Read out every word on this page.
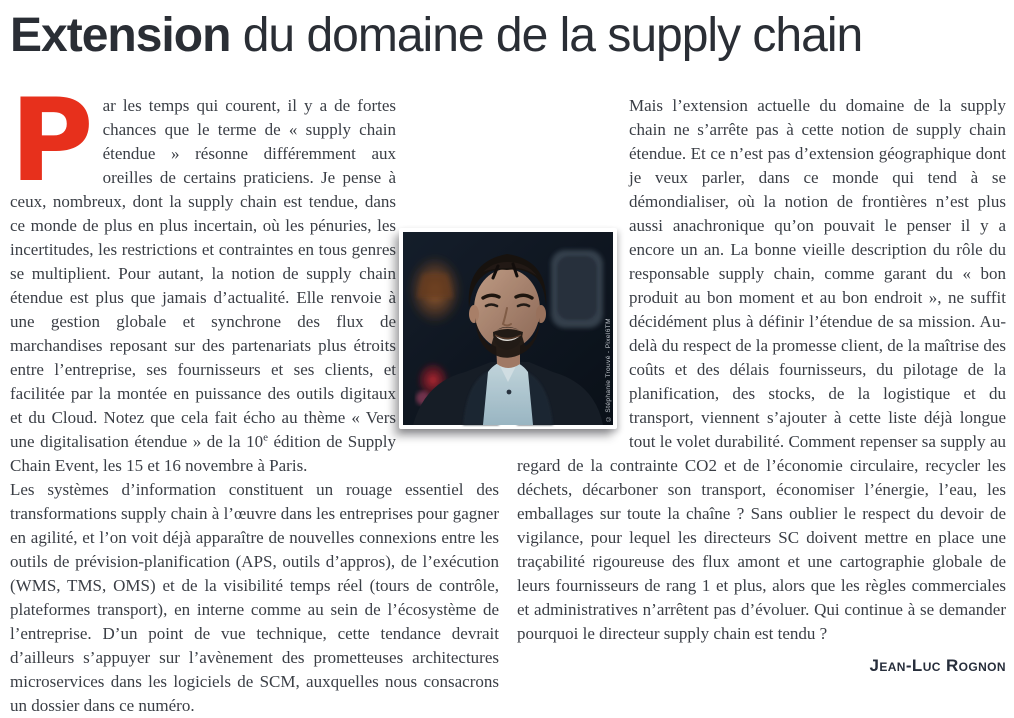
Extension du domaine de la supply chain
P ar les temps qui courent, il y a de fortes chances que le terme de « supply chain étendue » résonne différemment aux oreilles de certains praticiens. Je pense à ceux, nombreux, dont la supply chain est tendue, dans ce monde de plus en plus incertain, où les pénuries, les incertitudes, les restrictions et contraintes en tous genres se multiplient. Pour autant, la notion de supply chain étendue est plus que jamais d’actualité. Elle renvoie à une gestion globale et synchrone des flux de marchandises reposant sur des partenariats plus étroits entre l’entreprise, ses fournisseurs et ses clients, et facilitée par la montée en puissance des outils digitaux et du Cloud. Notez que cela fait écho au thème « Vers une digitalisation étendue » de la 10e édition de Supply Chain Event, les 15 et 16 novembre à Paris.

Les systèmes d’information constituent un rouage essentiel des transformations supply chain à l’œuvre dans les entreprises pour gagner en agilité, et l’on voit déjà apparaître de nouvelles connexions entre les outils de prévision-planification (APS, outils d’appros), de l’exécution (WMS, TMS, OMS) et de la visibilité temps réel (tours de contrôle, plateformes transport), en interne comme au sein de l’écosystème de l’entreprise. D’un point de vue technique, cette tendance devrait d’ailleurs s’appuyer sur l’avènement des prometteuses architectures microservices dans les logiciels de SCM, auxquelles nous consacrons un dossier dans ce numéro.

Mais l’extension actuelle du domaine de la supply chain ne s’arrête pas à cette notion de supply chain étendue. Et ce n’est pas d’extension géographique dont je veux parler, dans ce monde qui tend à se démondialiser, où la notion de frontières n’est plus aussi anachronique qu’on pouvait le penser il y a encore un an. La bonne vieille description du rôle du responsable supply chain, comme garant du « bon produit au bon moment et au bon endroit », ne suffit décidément plus à définir l’étendue de sa mission. Au-delà du respect de la promesse client, de la maîtrise des coûts et des délais fournisseurs, du pilotage de la planification, des stocks, de la logistique et du transport, viennent s’ajouter à cette liste déjà longue tout le volet durabilité. Comment repenser sa supply au regard de la contrainte CO2 et de l’économie circulaire, recycler les déchets, décarboner son transport, économiser l’énergie, l’eau, les emballages sur toute la chaîne ? Sans oublier le respect du devoir de vigilance, pour lequel les directeurs SC doivent mettre en place une traçabilité rigoureuse des flux amont et une cartographie globale de leurs fournisseurs de rang 1 et plus, alors que les règles commerciales et administratives n’arrêtent pas d’évoluer. Qui continue à se demander pourquoi le directeur supply chain est tendu ?

Jean-Luc Rognon
© Stéphanie Trouvé - Pixel6TM
